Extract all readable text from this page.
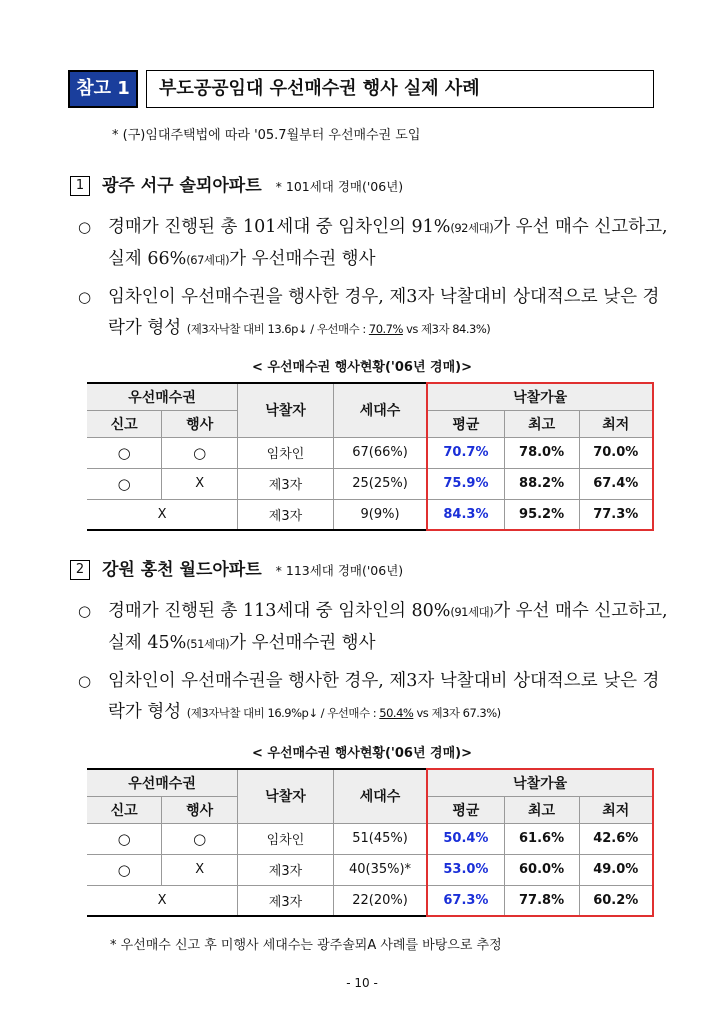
참고 1	부도공공임대 우선매수권 행사 실제 사례
* (구)임대주택법에 따라 '05.7월부터 우선매수권 도입
1 광주 서구 솔뫼아파트 * 101세대 경매('06년)
○ 경매가 진행된 총 101세대 중 임차인의 91%(92세대)가 우선 매수 신고하고, 실제 66%(67세대)가 우선매수권 행사
○ 임차인이 우선매수권을 행사한 경우, 제3자 낙찰대비 상대적으로 낮은 경락가 형성 (제3자낙찰 대비 13.6p↓ / 우선매수 : 70.7% vs 제3자 84.3%)
< 우선매수권 행사현황('06년 경매)>
우선매수권		낙찰자	세대수	낙찰가율		
신고	행사			평균	최고	최저
○	○	임차인	67(66%)	70.7%	78.0%	70.0%
○	X	제3자	25(25%)	75.9%	88.2%	67.4%
X		제3자	9(9%)	84.3%	95.2%	77.3%
2 강원 홍천 월드아파트 * 113세대 경매('06년)
○ 경매가 진행된 총 113세대 중 임차인의 80%(91세대)가 우선 매수 신고하고, 실제 45%(51세대)가 우선매수권 행사
○ 임차인이 우선매수권을 행사한 경우, 제3자 낙찰대비 상대적으로 낮은 경락가 형성 (제3자낙찰 대비 16.9%p↓ / 우선매수 : 50.4% vs 제3자 67.3%)
< 우선매수권 행사현황('06년 경매)>
우선매수권		낙찰자	세대수	낙찰가율		
신고	행사			평균	최고	최저
○	○	임차인	51(45%)	50.4%	61.6%	42.6%
○	X	제3자	40(35%)*	53.0%	60.0%	49.0%
X		제3자	22(20%)	67.3%	77.8%	60.2%
* 우선매수 신고 후 미행사 세대수는 광주솔뫼A 사례를 바탕으로 추정
- 10 -
